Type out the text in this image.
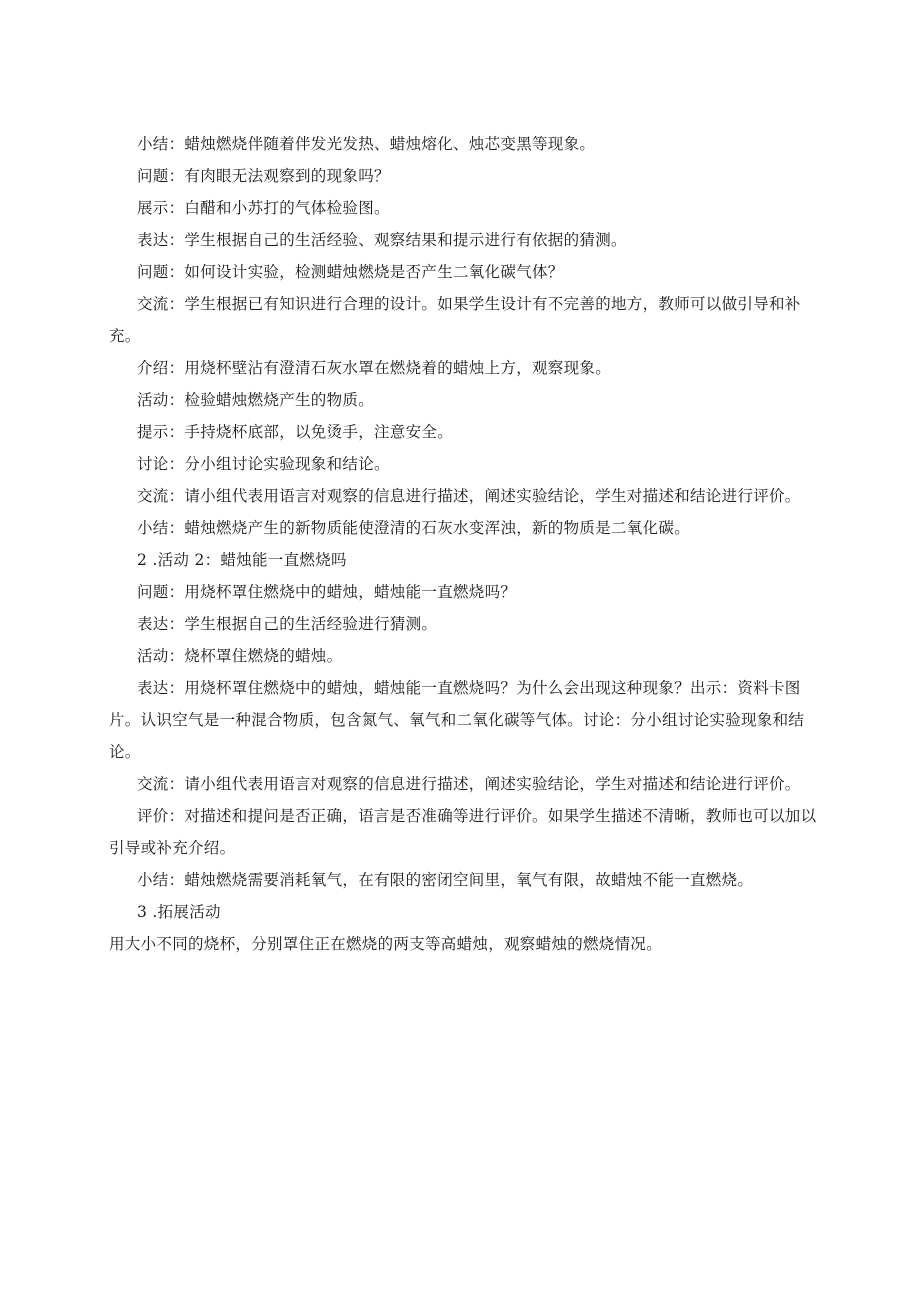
小结：蜡烛燃烧伴随着伴发光发热、蜡烛熔化、烛芯变黑等现象。

问题：有肉眼无法观察到的现象吗？

展示：白醋和小苏打的气体检验图。

表达：学生根据自己的生活经验、观察结果和提示进行有依据的猜测。

问题：如何设计实验，检测蜡烛燃烧是否产生二氧化碳气体？

交流：学生根据已有知识进行合理的设计。如果学生设计有不完善的地方，教师可以做引导和补充。

介绍：用烧杯壁沾有澄清石灰水罩在燃烧着的蜡烛上方，观察现象。

活动：检验蜡烛燃烧产生的物质。

提示：手持烧杯底部，以免烫手，注意安全。

讨论：分小组讨论实验现象和结论。

交流：请小组代表用语言对观察的信息进行描述，阐述实验结论，学生对描述和结论进行评价。

小结：蜡烛燃烧产生的新物质能使澄清的石灰水变浑浊，新的物质是二氧化碳。

2 .活动 2：蜡烛能一直燃烧吗

问题：用烧杯罩住燃烧中的蜡烛，蜡烛能一直燃烧吗？

表达：学生根据自己的生活经验进行猜测。

活动：烧杯罩住燃烧的蜡烛。

表达：用烧杯罩住燃烧中的蜡烛，蜡烛能一直燃烧吗？为什么会出现这种现象？出示：资料卡图片。认识空气是一种混合物质，包含氮气、氧气和二氧化碳等气体。讨论：分小组讨论实验现象和结论。

交流：请小组代表用语言对观察的信息进行描述，阐述实验结论，学生对描述和结论进行评价。

评价：对描述和提问是否正确，语言是否准确等进行评价。如果学生描述不清晰，教师也可以加以引导或补充介绍。

小结：蜡烛燃烧需要消耗氧气，在有限的密闭空间里，氧气有限，故蜡烛不能一直燃烧。

3 .拓展活动

用大小不同的烧杯，分别罩住正在燃烧的两支等高蜡烛，观察蜡烛的燃烧情况。
